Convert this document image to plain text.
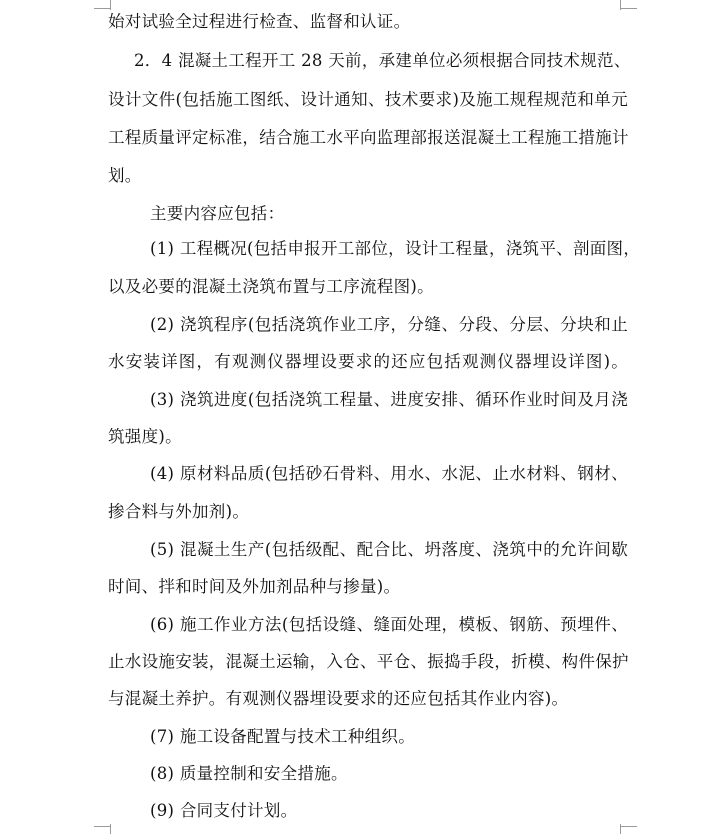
始对试验全过程进行检查、监督和认证。
2．4 混凝土工程开工 28 天前，承建单位必须根据合同技术规范、
设计文件(包括施工图纸、设计通知、技术要求)及施工规程规范和单元
工程质量评定标准，结合施工水平向监理部报送混凝土工程施工措施计
划。
主要内容应包括：
(1) 工程概况(包括申报开工部位，设计工程量，浇筑平、剖面图，
以及必要的混凝土浇筑布置与工序流程图)。
(2) 浇筑程序(包括浇筑作业工序，分缝、分段、分层、分块和止
水安装详图，有观测仪器埋设要求的还应包括观测仪器埋设详图)。
(3) 浇筑进度(包括浇筑工程量、进度安排、循环作业时间及月浇
筑强度)。
(4) 原材料品质(包括砂石骨料、用水、水泥、止水材料、钢材、
掺合料与外加剂)。
(5) 混凝土生产(包括级配、配合比、坍落度、浇筑中的允许间歇
时间、拌和时间及外加剂品种与掺量)。
(6) 施工作业方法(包括设缝、缝面处理，模板、钢筋、预埋件、
止水设施安装，混凝土运输，入仓、平仓、振捣手段，折模、构件保护
与混凝土养护。有观测仪器埋设要求的还应包括其作业内容)。
(7) 施工设备配置与技术工种组织。
(8) 质量控制和安全措施。
(9) 合同支付计划。
